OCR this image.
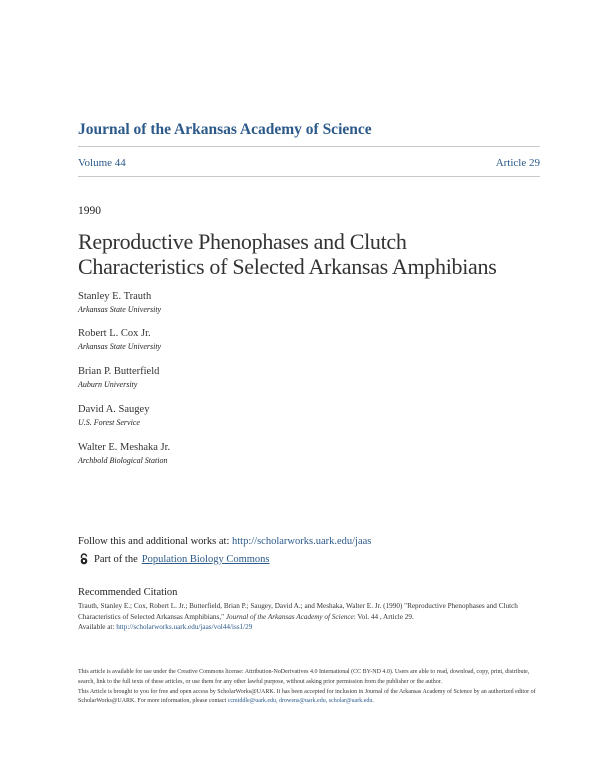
Journal of the Arkansas Academy of Science
Volume 44	Article 29
1990
Reproductive Phenophases and Clutch
Characteristics of Selected Arkansas Amphibians
Stanley E. Trauth
Arkansas State University
Robert L. Cox Jr.
Arkansas State University
Brian P. Butterfield
Auburn University
David A. Saugey
U.S. Forest Service
Walter E. Meshaka Jr.
Archbold Biological Station
Follow this and additional works at: http://scholarworks.uark.edu/jaas
Part of the Population Biology Commons
Recommended Citation
Trauth, Stanley E.; Cox, Robert L. Jr.; Butterfield, Brian P.; Saugey, David A.; and Meshaka, Walter E. Jr. (1990) "Reproductive Phenophases and Clutch Characteristics of Selected Arkansas Amphibians," Journal of the Arkansas Academy of Science: Vol. 44 , Article 29.
Available at: http://scholarworks.uark.edu/jaas/vol44/iss1/29
This article is available for use under the Creative Commons license: Attribution-NoDerivatives 4.0 International (CC BY-ND 4.0). Users are able to read, download, copy, print, distribute, search, link to the full texts of these articles, or use them for any other lawful purpose, without asking prior permission from the publisher or the author.
This Article is brought to you for free and open access by ScholarWorks@UARK. It has been accepted for inclusion in Journal of the Arkansas Academy of Science by an authorized editor of ScholarWorks@UARK. For more information, please contact ccmiddle@uark.edu, drowens@uark.edu, scholar@uark.edu.
